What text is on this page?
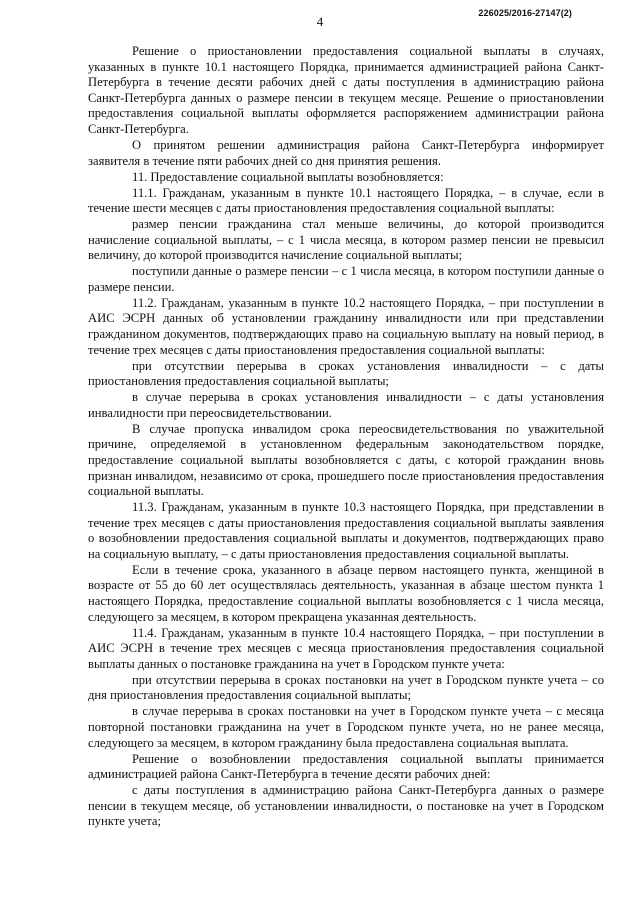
4
226025/2016-27147(2)

Решение о приостановлении предоставления социальной выплаты в случаях, указанных в пункте 10.1 настоящего Порядка, принимается администрацией района Санкт-Петербурга в течение десяти рабочих дней с даты поступления в администрацию района Санкт-Петербурга данных о размере пенсии в текущем месяце. Решение о приостановлении предоставления социальной выплаты оформляется распоряжением администрации района Санкт-Петербурга.

О принятом решении администрация района Санкт-Петербурга информирует заявителя в течение пяти рабочих дней со дня принятия решения.

11. Предоставление социальной выплаты возобновляется:

11.1. Гражданам, указанным в пункте 10.1 настоящего Порядка, – в случае, если в течение шести месяцев с даты приостановления предоставления социальной выплаты:

размер пенсии гражданина стал меньше величины, до которой производится начисление социальной выплаты, – с 1 числа месяца, в котором размер пенсии не превысил величину, до которой производится начисление социальной выплаты;

поступили данные о размере пенсии – с 1 числа месяца, в котором поступили данные о размере пенсии.

11.2. Гражданам, указанным в пункте 10.2 настоящего Порядка, – при поступлении в АИС ЭСРН данных об установлении гражданину инвалидности или при представлении гражданином документов, подтверждающих право на социальную выплату на новый период, в течение трех месяцев с даты приостановления предоставления социальной выплаты:

при отсутствии перерыва в сроках установления инвалидности – с даты приостановления предоставления социальной выплаты;

в случае перерыва в сроках установления инвалидности – с даты установления инвалидности при переосвидетельствовании.

В случае пропуска инвалидом срока переосвидетельствования по уважительной причине, определяемой в установленном федеральным законодательством порядке, предоставление социальной выплаты возобновляется с даты, с которой гражданин вновь признан инвалидом, независимо от срока, прошедшего после приостановления предоставления социальной выплаты.

11.3. Гражданам, указанным в пункте 10.3 настоящего Порядка, при представлении в течение трех месяцев с даты приостановления предоставления социальной выплаты заявления о возобновлении предоставления социальной выплаты и документов, подтверждающих право на социальную выплату, – с даты приостановления предоставления социальной выплаты.

Если в течение срока, указанного в абзаце первом настоящего пункта, женщиной в возрасте от 55 до 60 лет осуществлялась деятельность, указанная в абзаце шестом пункта 1 настоящего Порядка, предоставление социальной выплаты возобновляется с 1 числа месяца, следующего за месяцем, в котором прекращена указанная деятельность.

11.4. Гражданам, указанным в пункте 10.4 настоящего Порядка, – при поступлении в АИС ЭСРН в течение трех месяцев с месяца приостановления предоставления социальной выплаты данных о постановке гражданина на учет в Городском пункте учета:

при отсутствии перерыва в сроках постановки на учет в Городском пункте учета – со дня приостановления предоставления социальной выплаты;

в случае перерыва в сроках постановки на учет в Городском пункте учета – с месяца повторной постановки гражданина на учет в Городском пункте учета, но не ранее месяца, следующего за месяцем, в котором гражданину была предоставлена социальная выплата.

Решение о возобновлении предоставления социальной выплаты принимается администрацией района Санкт-Петербурга в течение десяти рабочих дней:

с даты поступления в администрацию района Санкт-Петербурга данных о размере пенсии в текущем месяце, об установлении инвалидности, о постановке на учет в Городском пункте учета;
